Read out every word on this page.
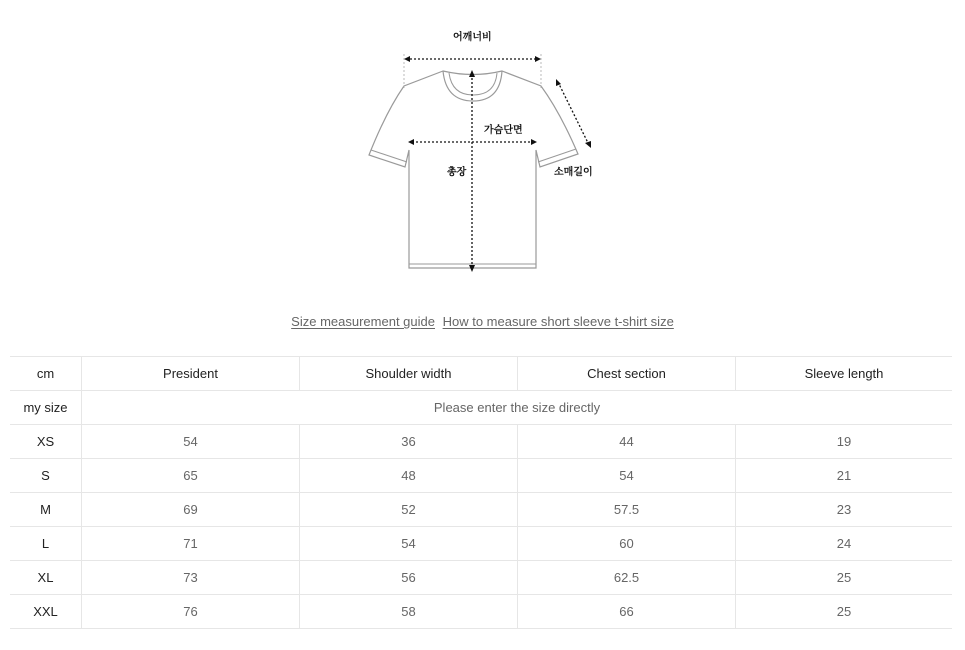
어깨너비
가슴단면
총장	소매길이
Size measurement guide How to measure short sleeve t-shirt size
cm	President	Shoulder width	Chest section	Sleeve length
my size	Please enter the size directly			
XS	54	36	44	19
S	65	48	54	21
M	69	52	57.5	23
L	71	54	60	24
XL	73	56	62.5	25
XXL	76	58	66	25
